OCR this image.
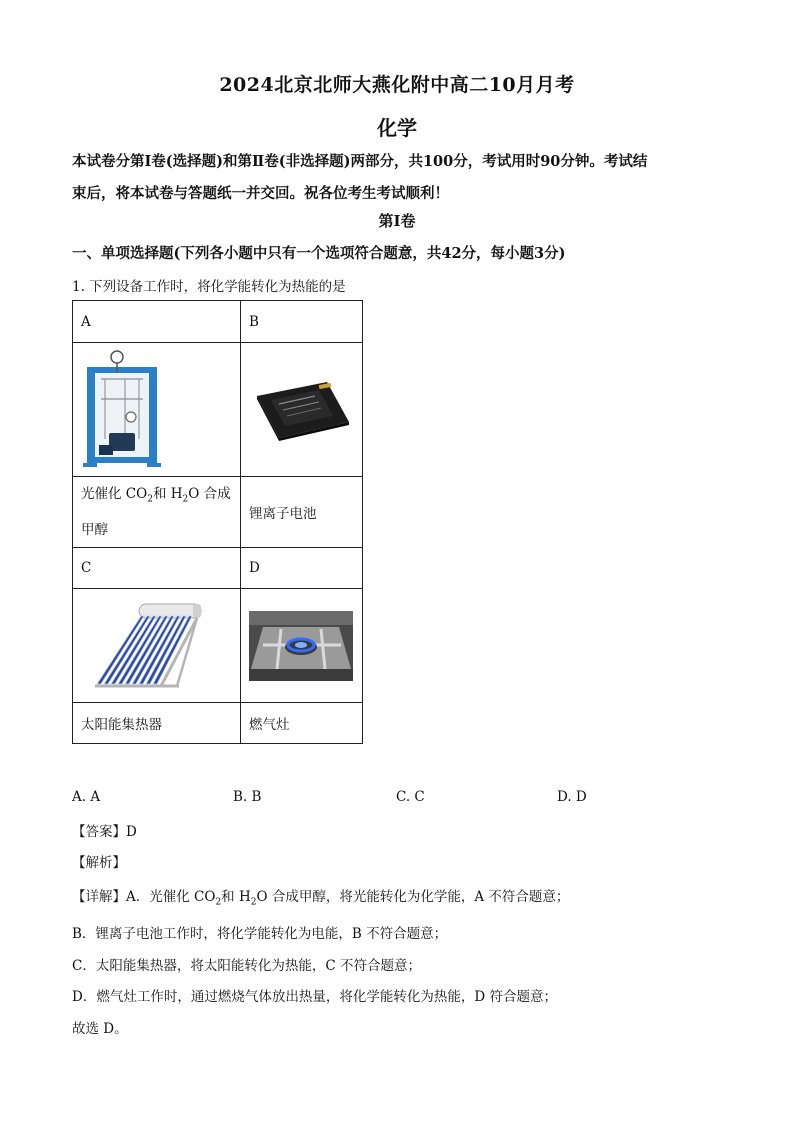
2024北京北师大燕化附中高二10月月考
化学
本试卷分第Ⅰ卷(选择题)和第Ⅱ卷(非选择题)两部分，共100分，考试用时90分钟。考试结
束后，将本试卷与答题纸一并交回。祝各位考生考试顺利！
第Ⅰ卷
一、单项选择题(下列各小题中只有一个选项符合题意，共42分，每小题3分)
1. 下列设备工作时，将化学能转化为热能的是
A	B

光催化 $CO_2$和 $H_2O$ 合成
甲醇	锂离子电池
C	D

太阳能集热器	燃气灶
A. A	B. B	C. C	D. D
【答案】D
【解析】
【详解】A．光催化 $CO_2$和 $H_2O$ 合成甲醇，将光能转化为化学能，A 不符合题意；
B．锂离子电池工作时，将化学能转化为电能，B 不符合题意；
C．太阳能集热器，将太阳能转化为热能，C 不符合题意；
D．燃气灶工作时，通过燃烧气体放出热量，将化学能转化为热能，D 符合题意；
故选 D。
